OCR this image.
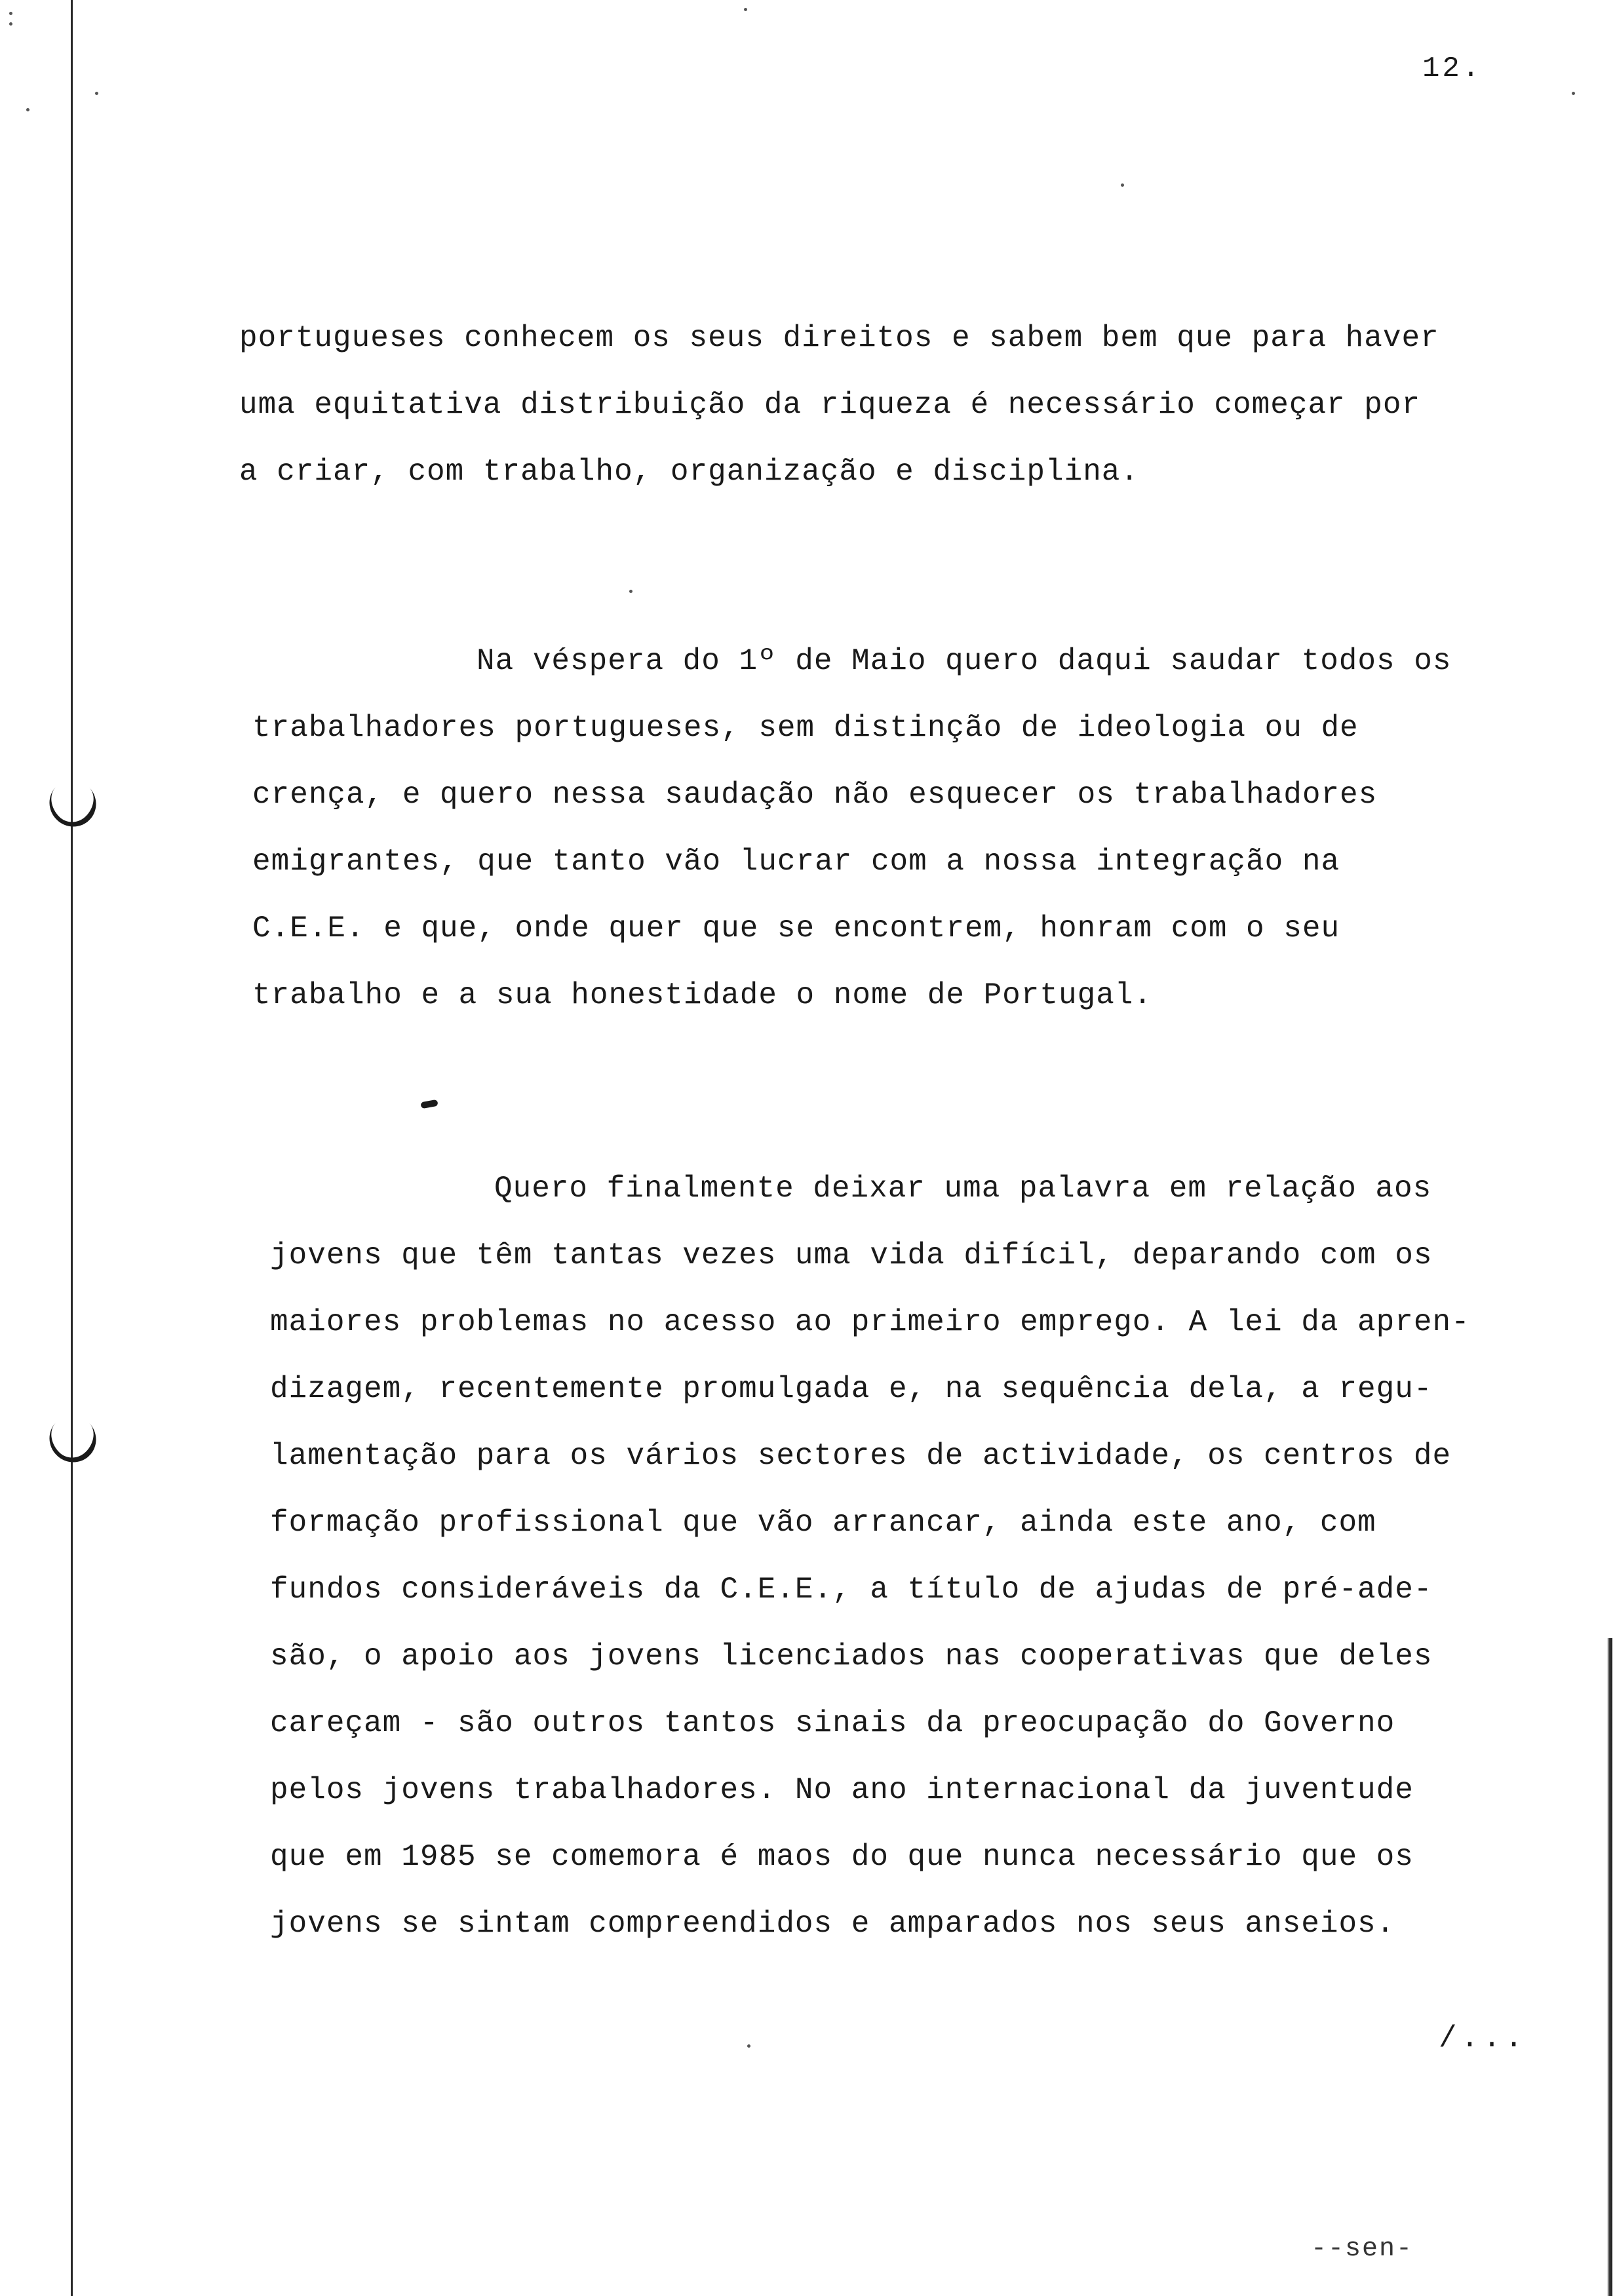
12.
portugueses conhecem os seus direitos e sabem bem que para haver
uma equitativa distribuição da riqueza é necessário começar por
a criar, com trabalho, organização e disciplina.
Na véspera do 1º de Maio quero daqui saudar todos os
trabalhadores portugueses, sem distinção de ideologia ou de
crença, e quero nessa saudação não esquecer os trabalhadores
emigrantes, que tanto vão lucrar com a nossa integração na
C.E.E. e que, onde quer que se encontrem, honram com o seu
trabalho e a sua honestidade o nome de Portugal.
Quero finalmente deixar uma palavra em relação aos
jovens que têm tantas vezes uma vida difícil, deparando com os
maiores problemas no acesso ao primeiro emprego. A lei da apren-
dizagem, recentemente promulgada e, na sequência dela, a regu-
lamentação para os vários sectores de actividade, os centros de
formação profissional que vão arrancar, ainda este ano, com
fundos consideráveis da C.E.E., a título de ajudas de pré-ade-
são, o apoio aos jovens licenciados nas cooperativas que deles
careçam - são outros tantos sinais da preocupação do Governo
pelos jovens trabalhadores. No ano internacional da juventude
que em 1985 se comemora é maos do que nunca necessário que os
jovens se sintam compreendidos e amparados nos seus anseios.
/...
--sen-
